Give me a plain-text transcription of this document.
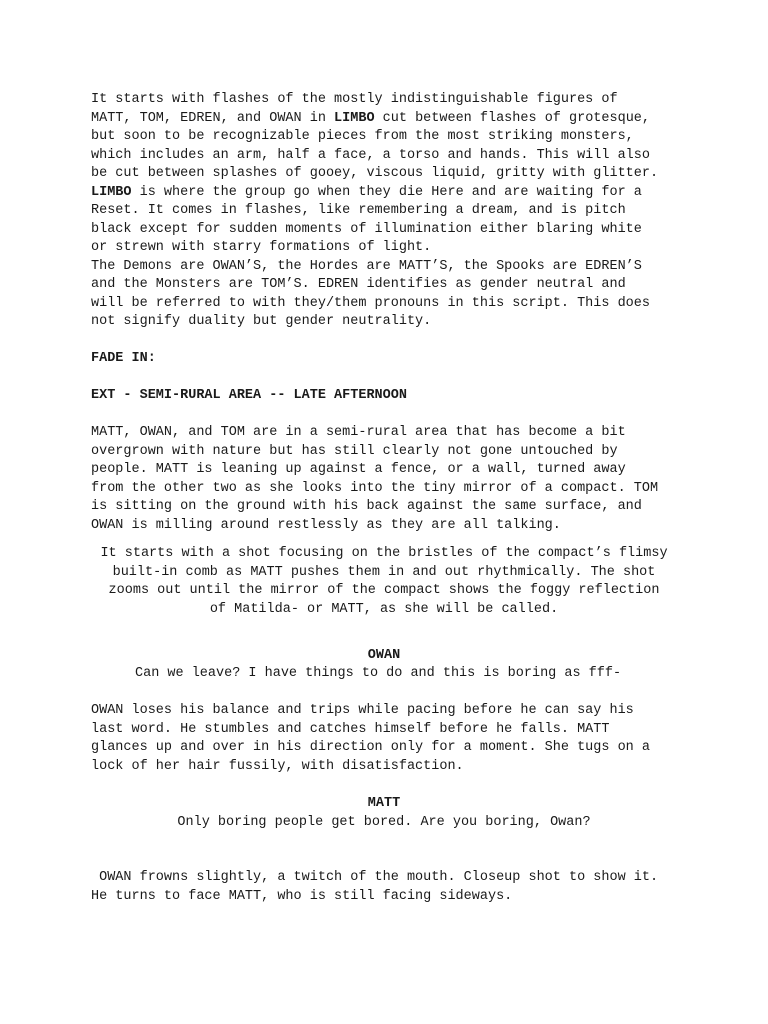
It starts with flashes of the mostly indistinguishable figures of
MATT, TOM, EDREN, and OWAN in LIMBO cut between flashes of grotesque,
but soon to be recognizable pieces from the most striking monsters,
which includes an arm, half a face, a torso and hands. This will also
be cut between splashes of gooey, viscous liquid, gritty with glitter.
LIMBO is where the group go when they die Here and are waiting for a
Reset. It comes in flashes, like remembering a dream, and is pitch
black except for sudden moments of illumination either blaring white
or strewn with starry formations of light.
The Demons are OWAN’S, the Hordes are MATT’S, the Spooks are EDREN’S
and the Monsters are TOM’S. EDREN identifies as gender neutral and
will be referred to with they/them pronouns in this script. This does
not signify duality but gender neutrality.
FADE IN:
EXT - SEMI-RURAL AREA -- LATE AFTERNOON
MATT, OWAN, and TOM are in a semi-rural area that has become a bit
overgrown with nature but has still clearly not gone untouched by
people. MATT is leaning up against a fence, or a wall, turned away
from the other two as she looks into the tiny mirror of a compact. TOM
is sitting on the ground with his back against the same surface, and
OWAN is milling around restlessly as they are all talking.
It starts with a shot focusing on the bristles of the compact’s flimsy
built-in comb as MATT pushes them in and out rhythmically. The shot
zooms out until the mirror of the compact shows the foggy reflection
of Matilda- or MATT, as she will be called.
OWAN
Can we leave? I have things to do and this is boring as fff-
OWAN loses his balance and trips while pacing before he can say his
last word. He stumbles and catches himself before he falls. MATT
glances up and over in his direction only for a moment. She tugs on a
lock of her hair fussily, with disatisfaction.
MATT
Only boring people get bored. Are you boring, Owan?
OWAN frowns slightly, a twitch of the mouth. Closeup shot to show it.
He turns to face MATT, who is still facing sideways.
